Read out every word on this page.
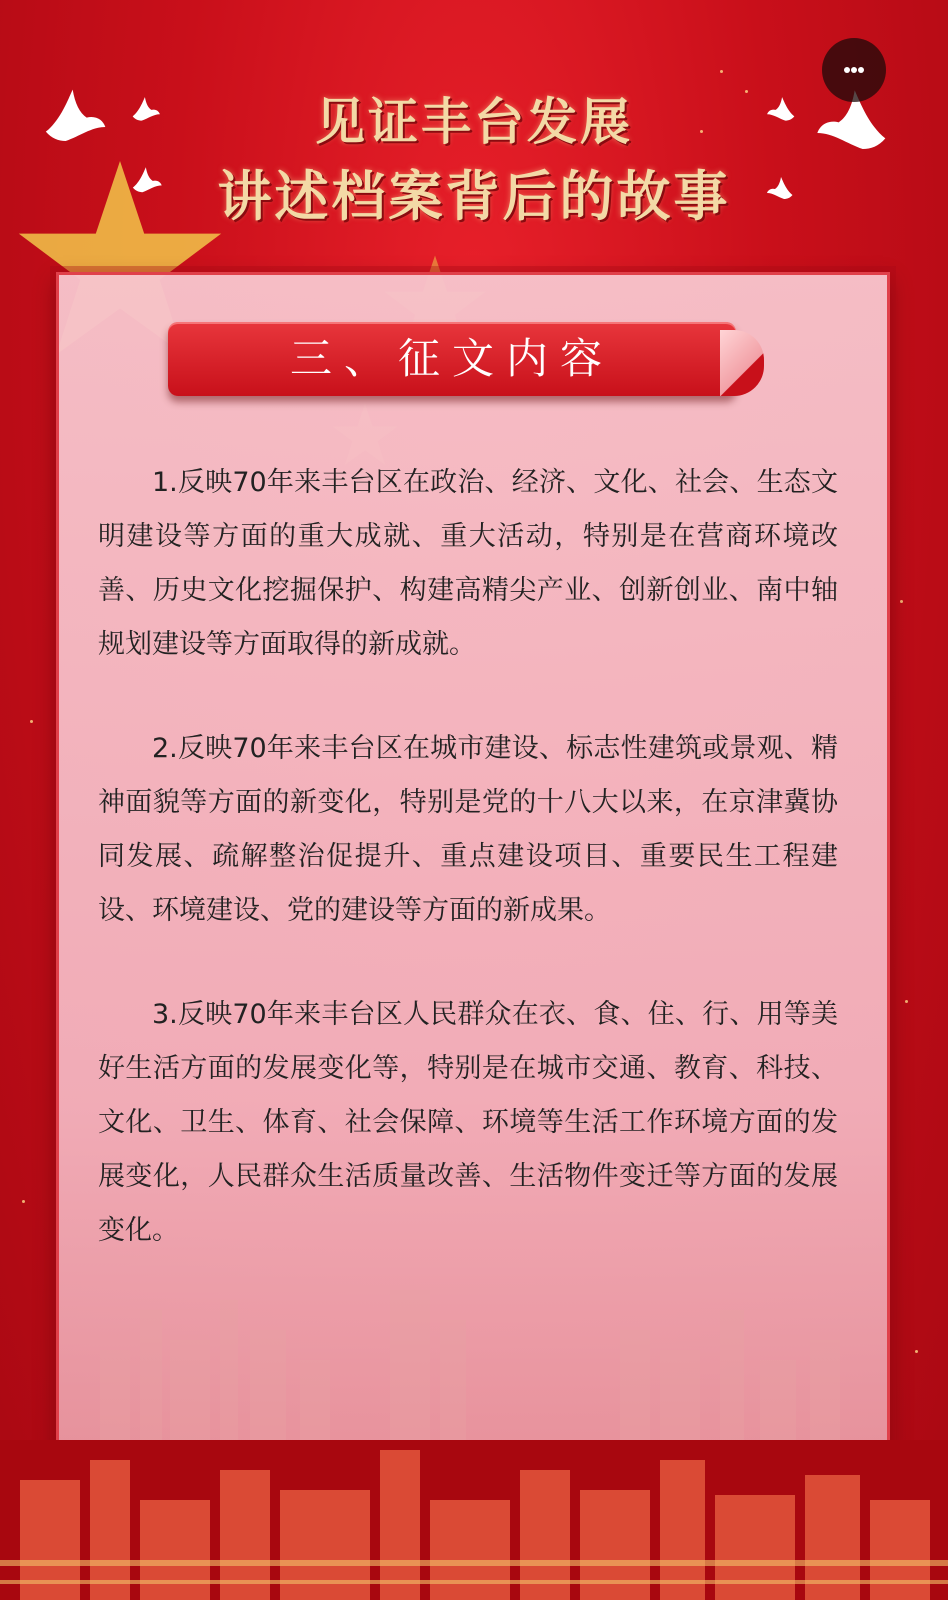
见证丰台发展
讲述档案背后的故事
三、征文内容

1.反映70年来丰台区在政治、经济、文化、社会、生态文明建设等方面的重大成就、重大活动，特别是在营商环境改善、历史文化挖掘保护、构建高精尖产业、创新创业、南中轴规划建设等方面取得的新成就。

2.反映70年来丰台区在城市建设、标志性建筑或景观、精神面貌等方面的新变化，特别是党的十八大以来，在京津冀协同发展、疏解整治促提升、重点建设项目、重要民生工程建设、环境建设、党的建设等方面的新成果。

3.反映70年来丰台区人民群众在衣、食、住、行、用等美好生活方面的发展变化等，特别是在城市交通、教育、科技、文化、卫生、体育、社会保障、环境等生活工作环境方面的发展变化，人民群众生活质量改善、生活物件变迁等方面的发展变化。
